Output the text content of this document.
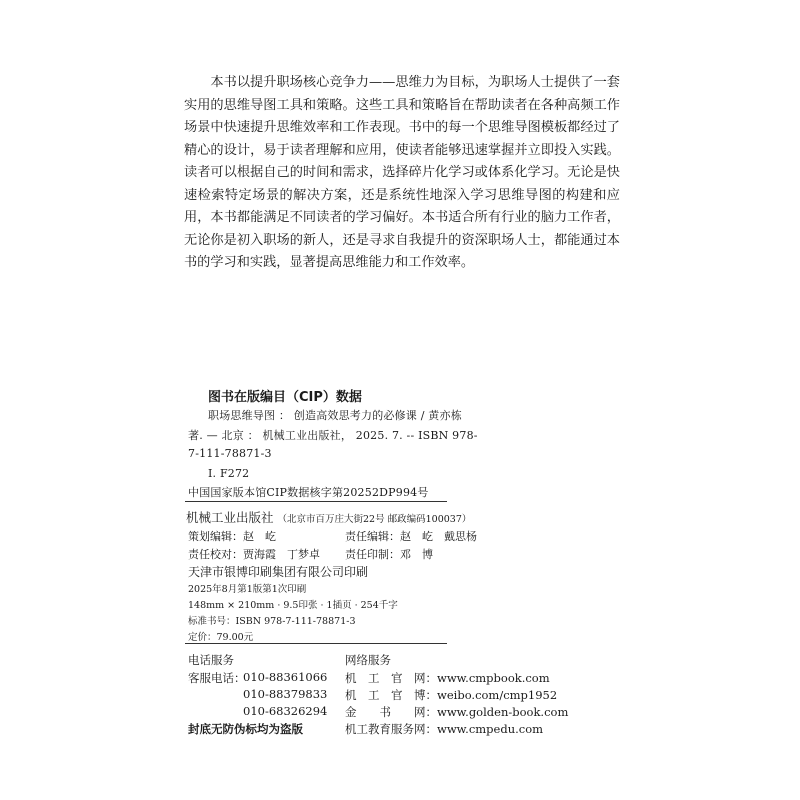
本书以提升职场核心竞争力——思维力为目标，为职场人士提供了一套实用的思维导图工具和策略。这些工具和策略旨在帮助读者在各种高频工作场景中快速提升思维效率和工作表现。书中的每一个思维导图模板都经过了精心的设计，易于读者理解和应用，使读者能够迅速掌握并立即投入实践。读者可以根据自己的时间和需求，选择碎片化学习或体系化学习。无论是快速检索特定场景的解决方案，还是系统性地深入学习思维导图的构建和应用，本书都能满足不同读者的学习偏好。本书适合所有行业的脑力工作者，无论你是初入职场的新人，还是寻求自我提升的资深职场人士，都能通过本书的学习和实践，显著提高思维能力和工作效率。

图书在版编目（CIP）数据
职场思维导图 ： 创造高效思考力的必修课 / 黄亦栋
著. — 北京 ： 机械工业出版社， 2025. 7. -- ISBN 978-
7-111-78871-3
Ⅰ. F272
中国国家版本馆CIP数据核字第20252DP994号
机械工业出版社 （北京市百万庄大街22号 邮政编码100037）
策划编辑：赵　屹	责任编辑：赵　屹　戴思杨
责任校对：贾海霞　丁梦卓 责任印制：邓　博
天津市银博印刷集团有限公司印刷
2025年8月第1版第1次印刷
148mm × 210mm · 9.5印张 · 1插页 · 254千字
标准书号：ISBN 978-7-111-78871-3
定价：79.00元
电话服务
客服电话：
010-88361066
010-88379833
010-68326294
封底无防伪标均为盗版
网络服务
机　工　官　网：www.cmpbook.com
机　工　官　博：weibo.com/cmp1952
金　　书　　网：www.golden-book.com
机工教育服务网：www.cmpedu.com
